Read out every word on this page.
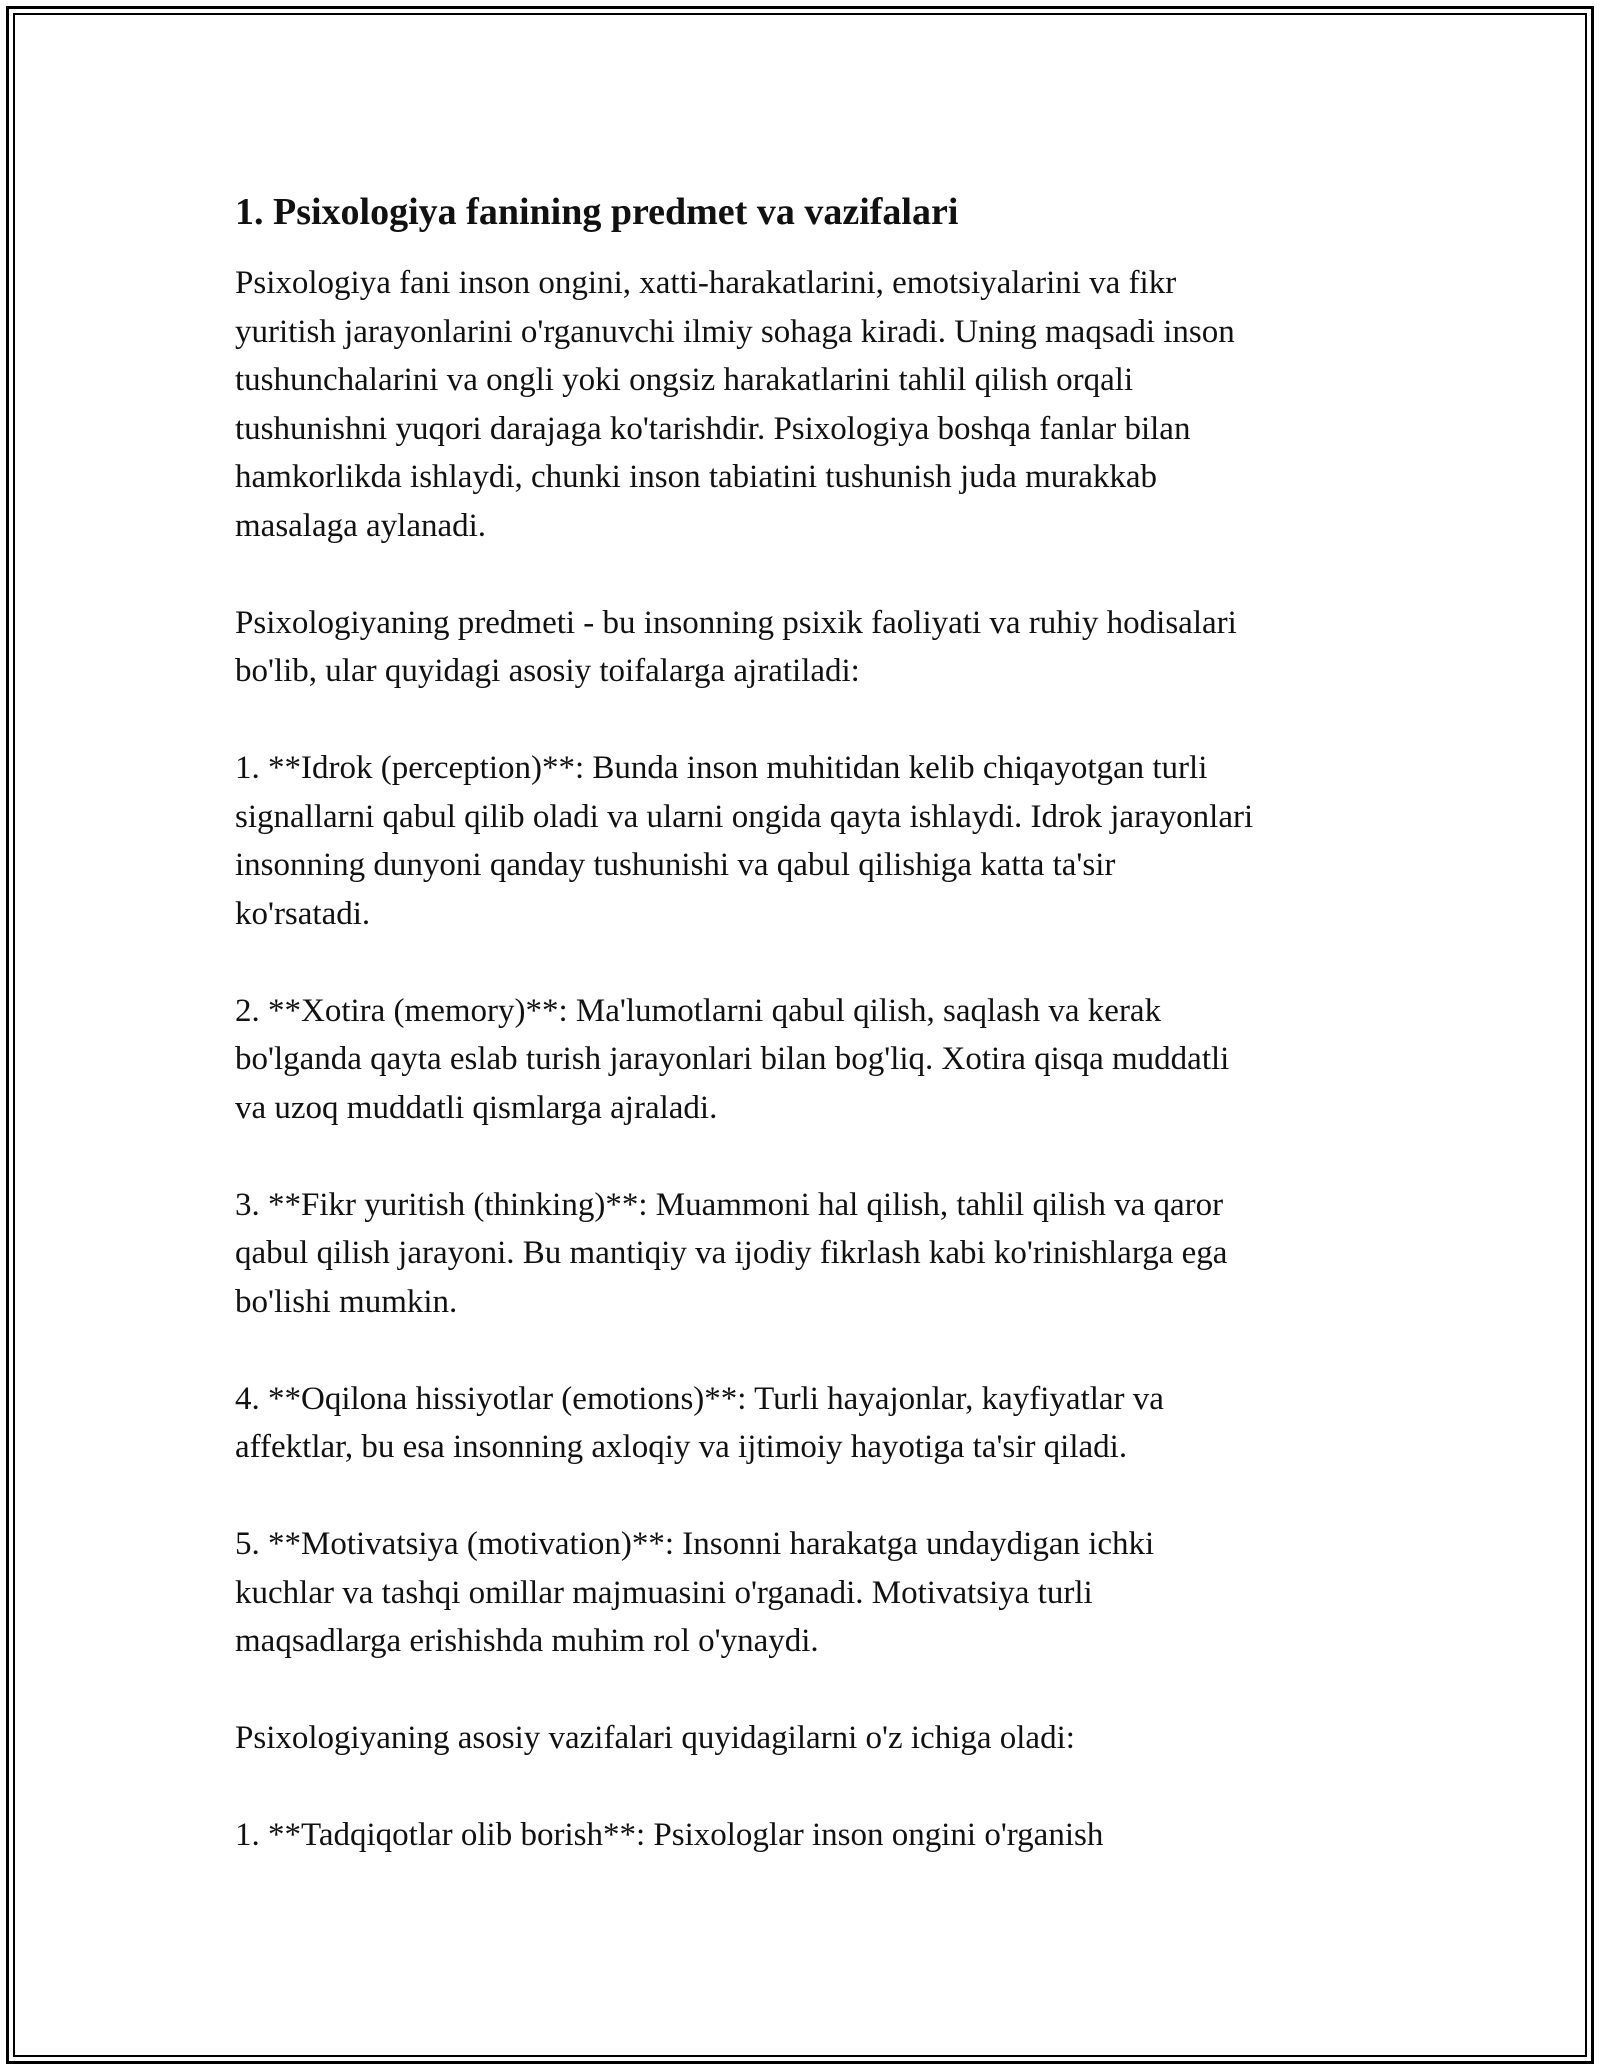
1. Psixologiya fanining predmet va vazifalari

Psixologiya fani inson ongini, xatti-harakatlarini, emotsiyalarini va fikr
yuritish jarayonlarini o'rganuvchi ilmiy sohaga kiradi. Uning maqsadi inson
tushunchalarini va ongli yoki ongsiz harakatlarini tahlil qilish orqali
tushunishni yuqori darajaga ko'tarishdir. Psixologiya boshqa fanlar bilan
hamkorlikda ishlaydi, chunki inson tabiatini tushunish juda murakkab
masalaga aylanadi.

Psixologiyaning predmeti - bu insonning psixik faoliyati va ruhiy hodisalari
bo'lib, ular quyidagi asosiy toifalarga ajratiladi:

1. **Idrok (perception)**: Bunda inson muhitidan kelib chiqayotgan turli
signallarni qabul qilib oladi va ularni ongida qayta ishlaydi. Idrok jarayonlari
insonning dunyoni qanday tushunishi va qabul qilishiga katta ta'sir
ko'rsatadi.

2. **Xotira (memory)**: Ma'lumotlarni qabul qilish, saqlash va kerak
bo'lganda qayta eslab turish jarayonlari bilan bog'liq. Xotira qisqa muddatli
va uzoq muddatli qismlarga ajraladi.

3. **Fikr yuritish (thinking)**: Muammoni hal qilish, tahlil qilish va qaror
qabul qilish jarayoni. Bu mantiqiy va ijodiy fikrlash kabi ko'rinishlarga ega
bo'lishi mumkin.

4. **Oqilona hissiyotlar (emotions)**: Turli hayajonlar, kayfiyatlar va
affektlar, bu esa insonning axloqiy va ijtimoiy hayotiga ta'sir qiladi.

5. **Motivatsiya (motivation)**: Insonni harakatga undaydigan ichki
kuchlar va tashqi omillar majmuasini o'rganadi. Motivatsiya turli
maqsadlarga erishishda muhim rol o'ynaydi.

Psixologiyaning asosiy vazifalari quyidagilarni o'z ichiga oladi:

1. **Tadqiqotlar olib borish**: Psixologlar inson ongini o'rganish
